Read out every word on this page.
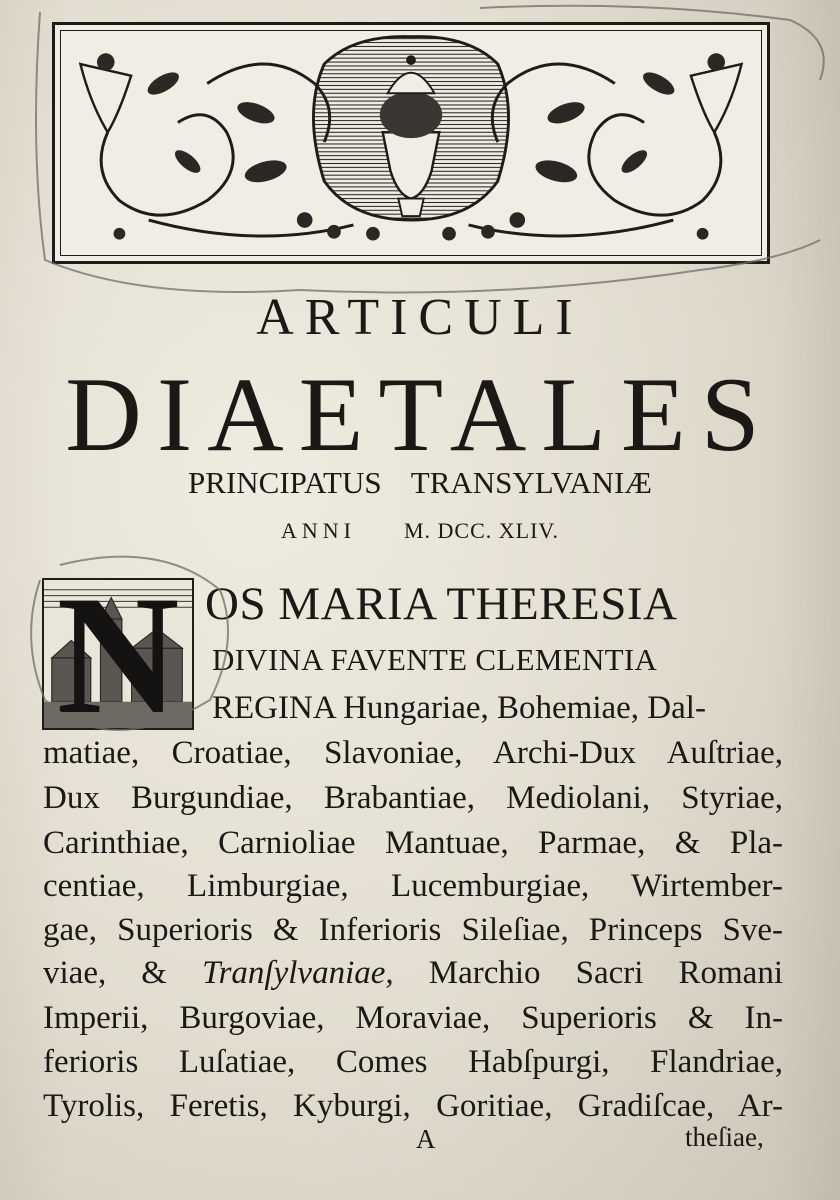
ARTICULI
DIAETALES
PRINCIPATUS TRANSYLVANIÆ
ANNI M. DCC. XLIV.
N OS MARIA THERESIA
DIVINA FAVENTE CLEMENTIA
REGINA Hungariae, Bohemiae, Dal-
matiae, Croatiae, Slavoniae, Archi-Dux Auſtriae,
Dux Burgundiae, Brabantiae, Mediolani, Styriae,
Carinthiae, Carnioliae Mantuae, Parmae, & Pla-
centiae, Limburgiae, Lucemburgiae, Wirtember-
gae, Superioris & Inferioris Sileſiae, Princeps Sve-
viae, & Tranſylvaniae, Marchio Sacri Romani
Imperii, Burgoviae, Moraviae, Superioris & In-
ferioris Luſatiae, Comes Habſpurgi, Flandriae,
Tyrolis, Feretis, Kyburgi, Goritiae, Gradiſcae, Ar-
A	theſiae,
